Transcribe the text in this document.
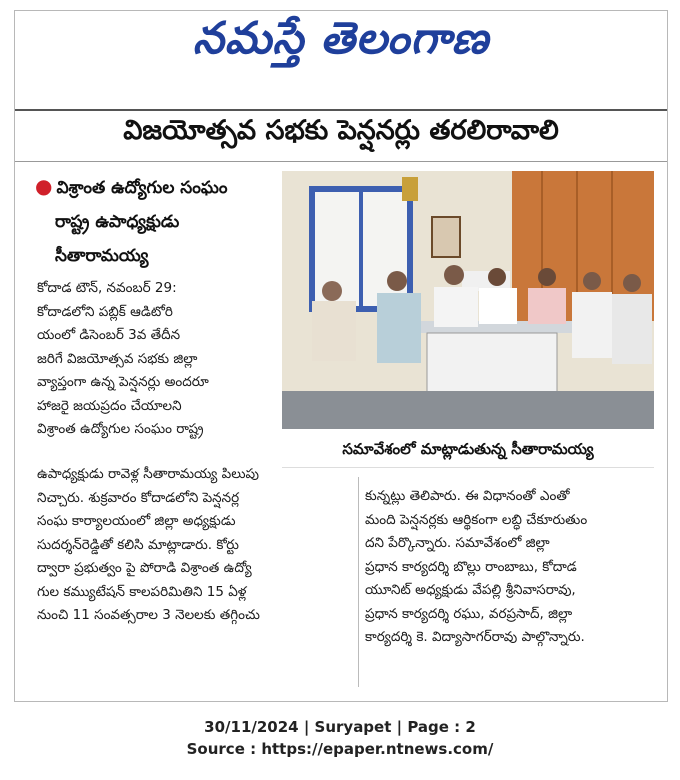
నమస్తే తెలంగాణ
విజయోత్సవ సభకు పెన్షనర్లు తరలిరావాలి
● విశ్రాంత ఉద్యోగుల సంఘం
రాష్ట్ర ఉపాధ్యక్షుడు
సీతారామయ్య
సమావేశంలో మాట్లాడుతున్న సీతారామయ్య
కోదాడ టౌన్, నవంబర్ 29:
కోదాడలోని పబ్లిక్ ఆడిటోరి
యంలో డిసెంబర్ 3వ తేదీన
జరిగే విజయోత్సవ సభకు జిల్లా
వ్యాప్తంగా ఉన్న పెన్షనర్లు అందరూ
హాజరై జయప్రదం చేయాలని
విశ్రాంత ఉద్యోగుల సంఘం రాష్ట్ర
ఉపాధ్యక్షుడు రావెళ్ల సీతారామయ్య పిలుపు
నిచ్చారు. శుక్రవారం కోదాడలోని పెన్షనర్ల
సంఘ కార్యాలయంలో జిల్లా అధ్యక్షుడు
సుదర్శన్‌రెడ్డితో కలిసి మాట్లాడారు. కోర్టు
ద్వారా ప్రభుత్వం పై పోరాడి విశ్రాంత ఉద్యో
గుల కమ్యుటేషన్ కాలపరిమితిని 15 ఏళ్ల
నుంచి 11 సంవత్సరాల 3 నెలలకు తగ్గించు
కున్నట్లు తెలిపారు. ఈ విధానంతో ఎంతో
మంది పెన్షనర్లకు ఆర్థికంగా లబ్ధి చేకూరుతుం
దని పేర్కొన్నారు. సమావేశంలో జిల్లా
ప్రధాన కార్యదర్శి బొల్లు రాంబాబు, కోదాడ
యూనిట్ అధ్యక్షుడు వేపల్లి శ్రీనివాసరావు,
ప్రధాన కార్యదర్శి రఘు, వరప్రసాద్, జిల్లా
కార్యదర్శి కె. విద్యాసాగర్‌రావు పాల్గొన్నారు.
30/11/2024 | Suryapet | Page : 2
Source : https://epaper.ntnews.com/
